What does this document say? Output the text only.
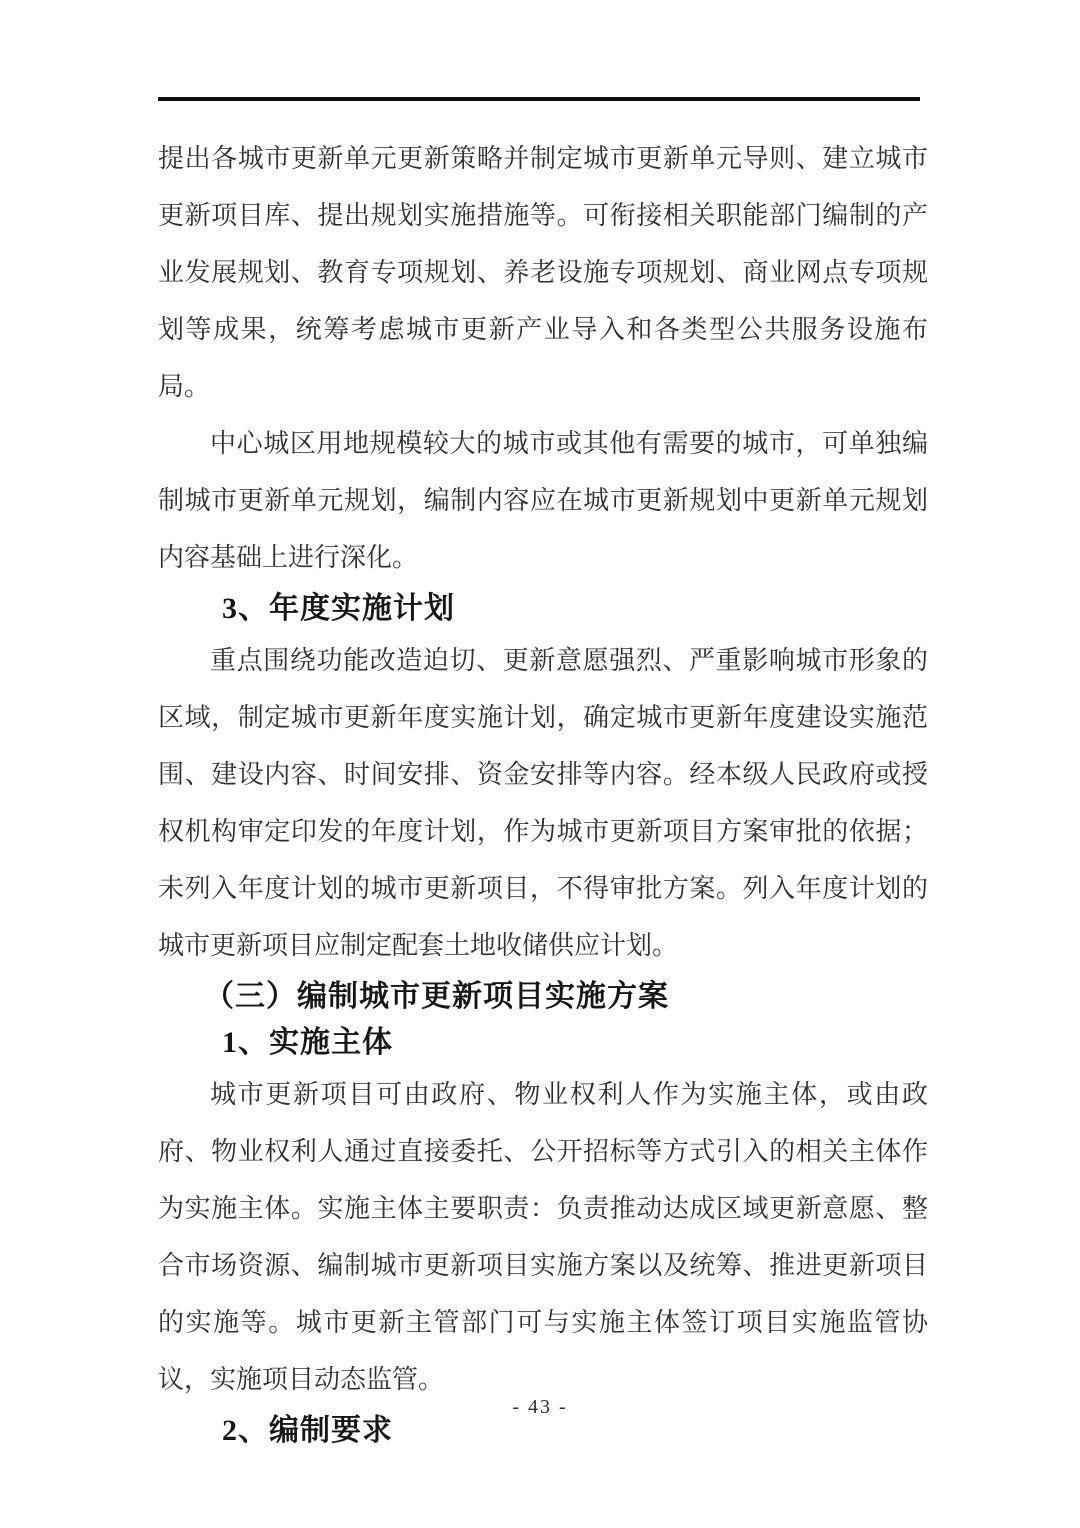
提出各城市更新单元更新策略并制定城市更新单元导则、建立城市更新项目库、提出规划实施措施等。可衔接相关职能部门编制的产业发展规划、教育专项规划、养老设施专项规划、商业网点专项规划等成果，统筹考虑城市更新产业导入和各类型公共服务设施布局。

中心城区用地规模较大的城市或其他有需要的城市，可单独编制城市更新单元规划，编制内容应在城市更新规划中更新单元规划内容基础上进行深化。

3、年度实施计划

重点围绕功能改造迫切、更新意愿强烈、严重影响城市形象的区域，制定城市更新年度实施计划，确定城市更新年度建设实施范围、建设内容、时间安排、资金安排等内容。经本级人民政府或授权机构审定印发的年度计划，作为城市更新项目方案审批的依据；未列入年度计划的城市更新项目，不得审批方案。列入年度计划的城市更新项目应制定配套土地收储供应计划。

（三）编制城市更新项目实施方案
1、实施主体

城市更新项目可由政府、物业权利人作为实施主体，或由政府、物业权利人通过直接委托、公开招标等方式引入的相关主体作为实施主体。实施主体主要职责：负责推动达成区域更新意愿、整合市场资源、编制城市更新项目实施方案以及统筹、推进更新项目的实施等。城市更新主管部门可与实施主体签订项目实施监管协议，实施项目动态监管。

2、编制要求
- 43 -
